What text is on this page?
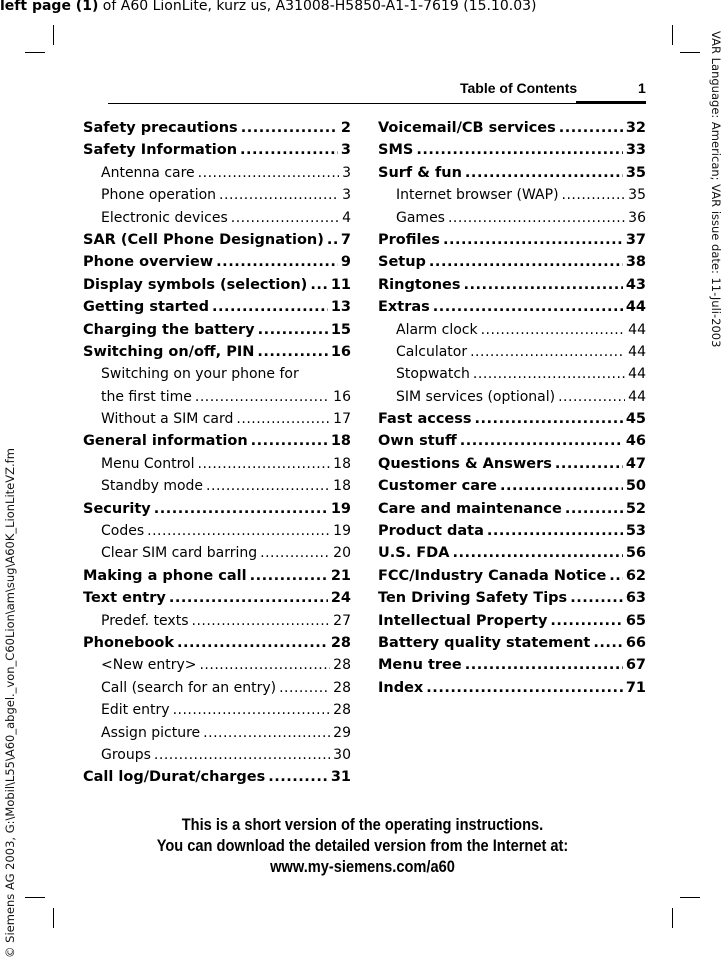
left page (1) of A60 LionLite, kurz us, A31008-H5850-A1-1-7619 (15.10.03)
© Siemens AG 2003, G:\Mobil\L55\A60_abgel._von_C60Lion\am\sug\A60K_LionLiteVZ.fm
VAR Language: American; VAR issue date: 11-Juli-2003
Table of Contents	1
Safety precautions .....	2
Safety Information .....	3
Antenna care .....	3
Phone operation .....	3
Electronic devices .....	4
SAR (Cell Phone Designation) ..... 7
Phone overview .....	9
Display symbols (selection) ..... 11
Getting started .....	13
Charging the battery .....	15
Switching on/off, PIN .....	16
Switching on your phone for
the first time .....	16
Without a SIM card .....	17
General information .....	18
Menu Control .....	18
Standby mode .....	18
Security .....	19
Codes .....	19
Clear SIM card barring .....	20
Making a phone call .....	21
Text entry .....	24
Predef. texts .....	27
Phonebook .....	28
<New entry> .....	28
Call (search for an entry) .....	28
Edit entry .....	28
Assign picture .....	29
Groups .....	30
Call log/Durat/charges .....	31
Voicemail/CB services .....	32
SMS .....	33
Surf & fun .....	35
Internet browser (WAP) .....	35
Games .....	36
Profiles .....	37
Setup .....	38
Ringtones .....	43
Extras .....	44
Alarm clock .....	44
Calculator .....	44
Stopwatch .....	44
SIM services (optional) .....	44
Fast access .....	45
Own stuff .....	46
Questions & Answers .....	47
Customer care .....	50
Care and maintenance .....	52
Product data .....	53
U.S. FDA .....	56
FCC/Industry Canada Notice ..... 62
Ten Driving Safety Tips .....	63
Intellectual Property .....	65
Battery quality statement ..... 66
Menu tree .....	67
Index .....	71
This is a short version of the operating instructions.
You can download the detailed version from the Internet at:
www.my-siemens.com/a60
